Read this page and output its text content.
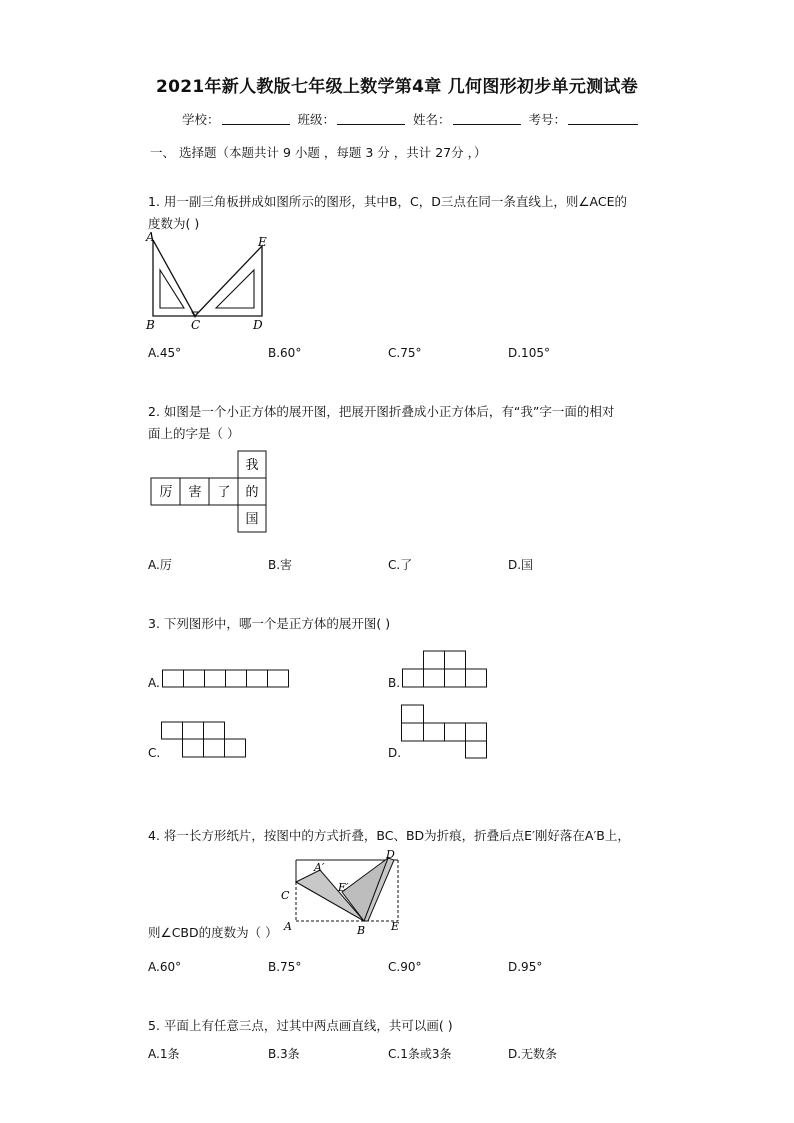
2021年新人教版七年级上数学第4章 几何图形初步单元测试卷
学校：	班级：	姓名：	考号：
一、 选择题（本题共计 9 小题 ，每题 3 分 ，共计 27分 ，）
1. 用一副三角板拼成如图所示的图形，其中B，C，D三点在同一条直线上，则∠ACE的
度数为( )
A	E
B	C	D
A.45°	B.60°	C.75°	D.105°
2. 如图是一个小正方体的展开图，把展开图折叠成小正方体后，有“我”字一面的相对
面上的字是（ ）
我
厉 害 了 的
国
A.厉	B.害	C.了	D.国
3. 下列图形中，哪一个是正方体的展开图( )
A.	B.
C.	D.
4. 将一长方形纸片，按图中的方式折叠，BC、BD为折痕，折叠后点E′刚好落在A′B上，
D
A′
C
E′
A	B E
则∠CBD的度数为（ ）
A.60°	B.75°	C.90°	D.95°
5. 平面上有任意三点，过其中两点画直线，共可以画( )
A.1条	B.3条	C.1条或3条	D.无数条
